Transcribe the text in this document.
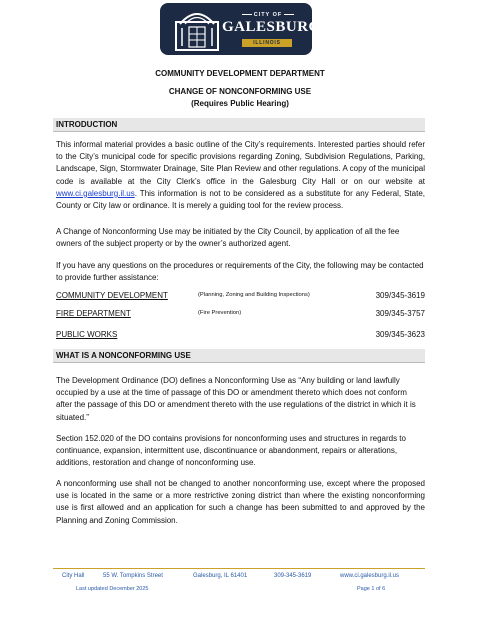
CITY OF
GALESBURG
ILLINOIS
COMMUNITY DEVELOPMENT DEPARTMENT
CHANGE OF NONCONFORMING USE
(Requires Public Hearing)
INTRODUCTION
This informal material provides a basic outline of the City’s requirements. Interested parties should refer to the City’s municipal code for specific provisions regarding Zoning, Subdivision Regulations, Parking, Landscape, Sign, Stormwater Drainage, Site Plan Review and other regulations. A copy of the municipal code is available at the City Clerk’s office in the Galesburg City Hall or on our website at www.ci.galesburg.il.us. This information is not to be considered as a substitute for any Federal, State, County or City law or ordinance. It is merely a guiding tool for the review process.
A Change of Nonconforming Use may be initiated by the City Council, by application of all the fee owners of the subject property or by the owner’s authorized agent.
If you have any questions on the procedures or requirements of the City, the following may be contacted to provide further assistance:
COMMUNITY DEVELOPMENT	(Planning, Zoning and Building Inspections)	309/345-3619
FIRE DEPARTMENT	(Fire Prevention)	309/345-3757
PUBLIC WORKS	309/345-3623
WHAT IS A NONCONFORMING USE
The Development Ordinance (DO) defines a Nonconforming Use as “Any building or land lawfully occupied by a use at the time of passage of this DO or amendment thereto which does not conform after the passage of this DO or amendment thereto with the use regulations of the district in which it is situated.”
Section 152.020 of the DO contains provisions for nonconforming uses and structures in regards to continuance, expansion, intermittent use, discontinuance or abandonment, repairs or alterations, additions, restoration and change of nonconforming use.
A nonconforming use shall not be changed to another nonconforming use, except where the proposed use is located in the same or a more restrictive zoning district than where the existing nonconforming use is first allowed and an application for such a change has been submitted to and approved by the Planning and Zoning Commission.
City Hall	55 W. Tompkins Street	Galesburg, IL 61401	309-345-3619	www.ci.galesburg.il.us
Last updated December 2025	Page 1 of 6
